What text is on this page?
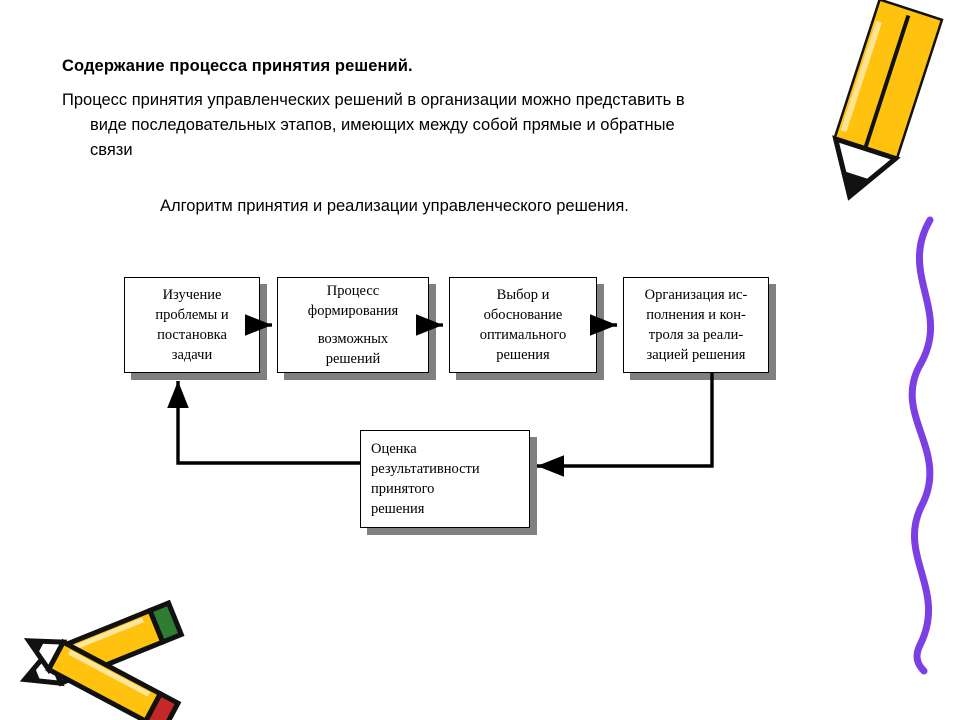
Содержание процесса принятия решений.
Процесс принятия управленческих решений в организации можно представить в
виде последовательных этапов, имеющих между собой прямые и обратные
связи
Алгоритм принятия и реализации управленческого решения.
Изучение
проблемы и
постановка
задачи
Процесс
формирования
возможных
решений
Выбор и
обоснование
оптимального
решения
Организация ис-
полнения и кон-
троля за реали-
зацией решения
Оценка
результативности
принятого
решения
